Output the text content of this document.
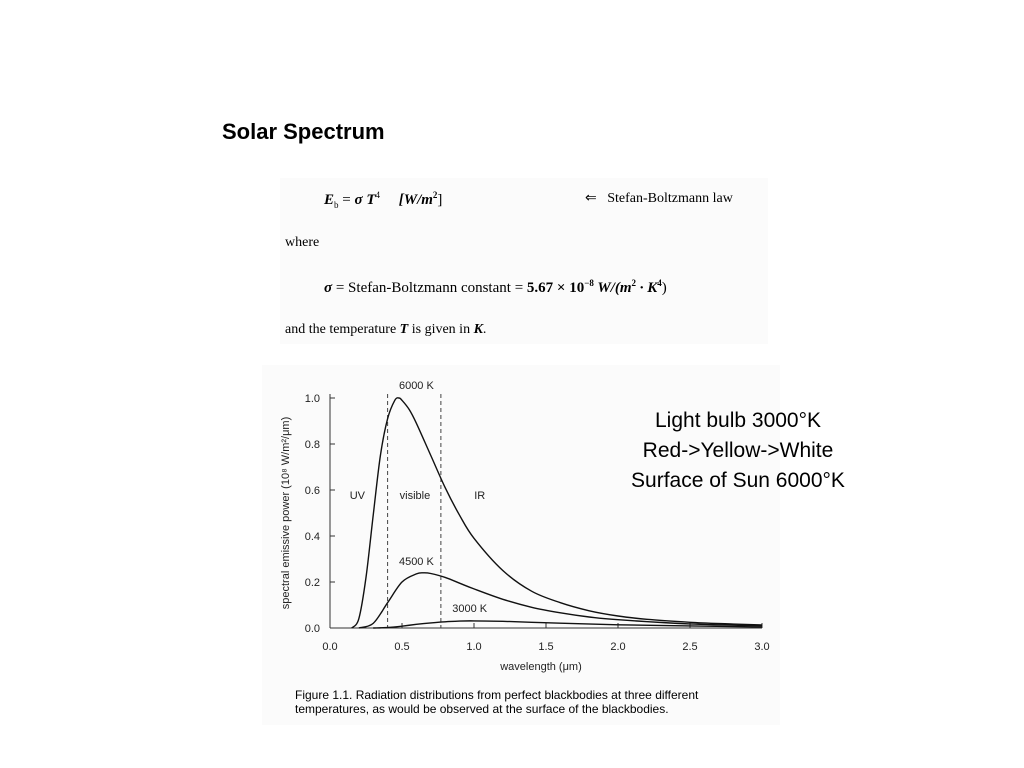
Solar Spectrum
$E_b = \sigma$ $T^4$ $[W/m^2]$	⇐ Stefan-Boltzmann law
where
σ = Stefan-Boltzmann constant = $5.67 \times 10^{-8}$ $W/(m^2 \cdot K^4)$
and the temperature T is given in K.
0.0	0.5	1.0	1.5	2.0	2.5	3.0
0.0
0.2
0.4
0.6
0.8
1.0
wavelength (μm)
spectral emissive power (10⁸ W/m²/μm)	UV	visible	IR
6000 K
4500 K
3000 K
Light bulb 3000°K
Red->Yellow->White
Surface of Sun 6000°K
Figure 1.1. Radiation distributions from perfect blackbodies at three different
temperatures, as would be observed at the surface of the blackbodies.
